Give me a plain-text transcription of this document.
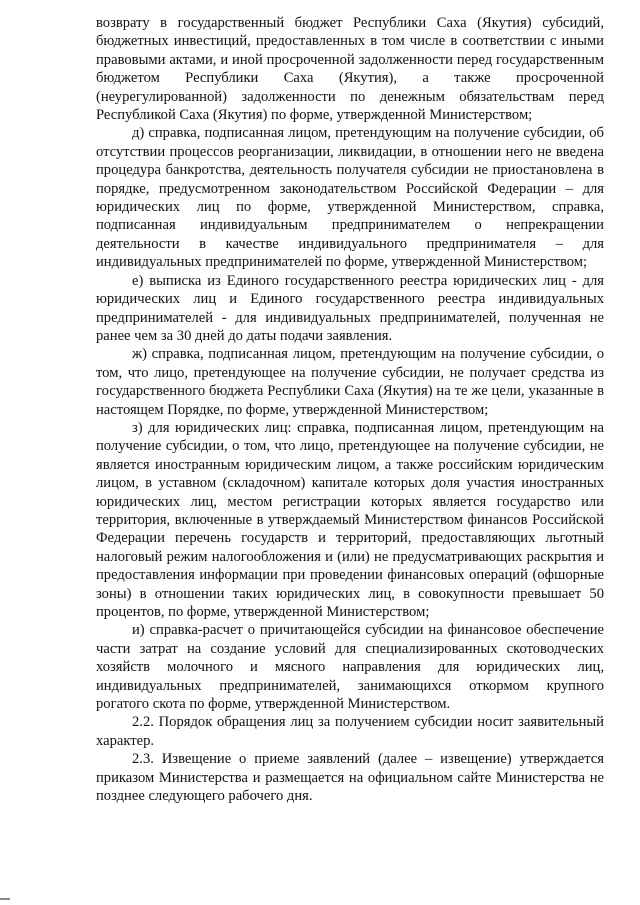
возврату в государственный бюджет Республики Саха (Якутия) субсидий, бюджетных инвестиций, предоставленных в том числе в соответствии с иными правовыми актами, и иной просроченной задолженности перед государственным бюджетом Республики Саха (Якутия), а также просроченной (неурегулированной) задолженности по денежным обязательствам перед Республикой Саха (Якутия) по форме, утвержденной Министерством;

д) справка, подписанная лицом, претендующим на получение субсидии, об отсутствии процессов реорганизации, ликвидации, в отношении него не введена процедура банкротства, деятельность получателя субсидии не приостановлена в порядке, предусмотренном законодательством Российской Федерации – для юридических лиц по форме, утвержденной Министерством, справка, подписанная индивидуальным предпринимателем о непрекращении деятельности в качестве индивидуального предпринимателя – для индивидуальных предпринимателей по форме, утвержденной Министерством;

е) выписка из Единого государственного реестра юридических лиц - для юридических лиц и Единого государственного реестра индивидуальных предпринимателей - для индивидуальных предпринимателей, полученная не ранее чем за 30 дней до даты подачи заявления.

ж) справка, подписанная лицом, претендующим на получение субсидии, о том, что лицо, претендующее на получение субсидии, не получает средства из государственного бюджета Республики Саха (Якутия) на те же цели, указанные в настоящем Порядке, по форме, утвержденной Министерством;

з) для юридических лиц: справка, подписанная лицом, претендующим на получение субсидии, о том, что лицо, претендующее на получение субсидии, не является иностранным юридическим лицом, а также российским юридическим лицом, в уставном (складочном) капитале которых доля участия иностранных юридических лиц, местом регистрации которых является государство или территория, включенные в утверждаемый Министерством финансов Российской Федерации перечень государств и территорий, предоставляющих льготный налоговый режим налогообложения и (или) не предусматривающих раскрытия и предоставления информации при проведении финансовых операций (офшорные зоны) в отношении таких юридических лиц, в совокупности превышает 50 процентов, по форме, утвержденной Министерством;

и) справка-расчет о причитающейся субсидии на финансовое обеспечение части затрат на создание условий для специализированных скотоводческих хозяйств молочного и мясного направления для юридических лиц, индивидуальных предпринимателей, занимающихся откормом крупного рогатого скота по форме, утвержденной Министерством.

2.2. Порядок обращения лиц за получением субсидии носит заявительный характер.

2.3. Извещение о приеме заявлений (далее – извещение) утверждается приказом Министерства и размещается на официальном сайте Министерства не позднее следующего рабочего дня.
